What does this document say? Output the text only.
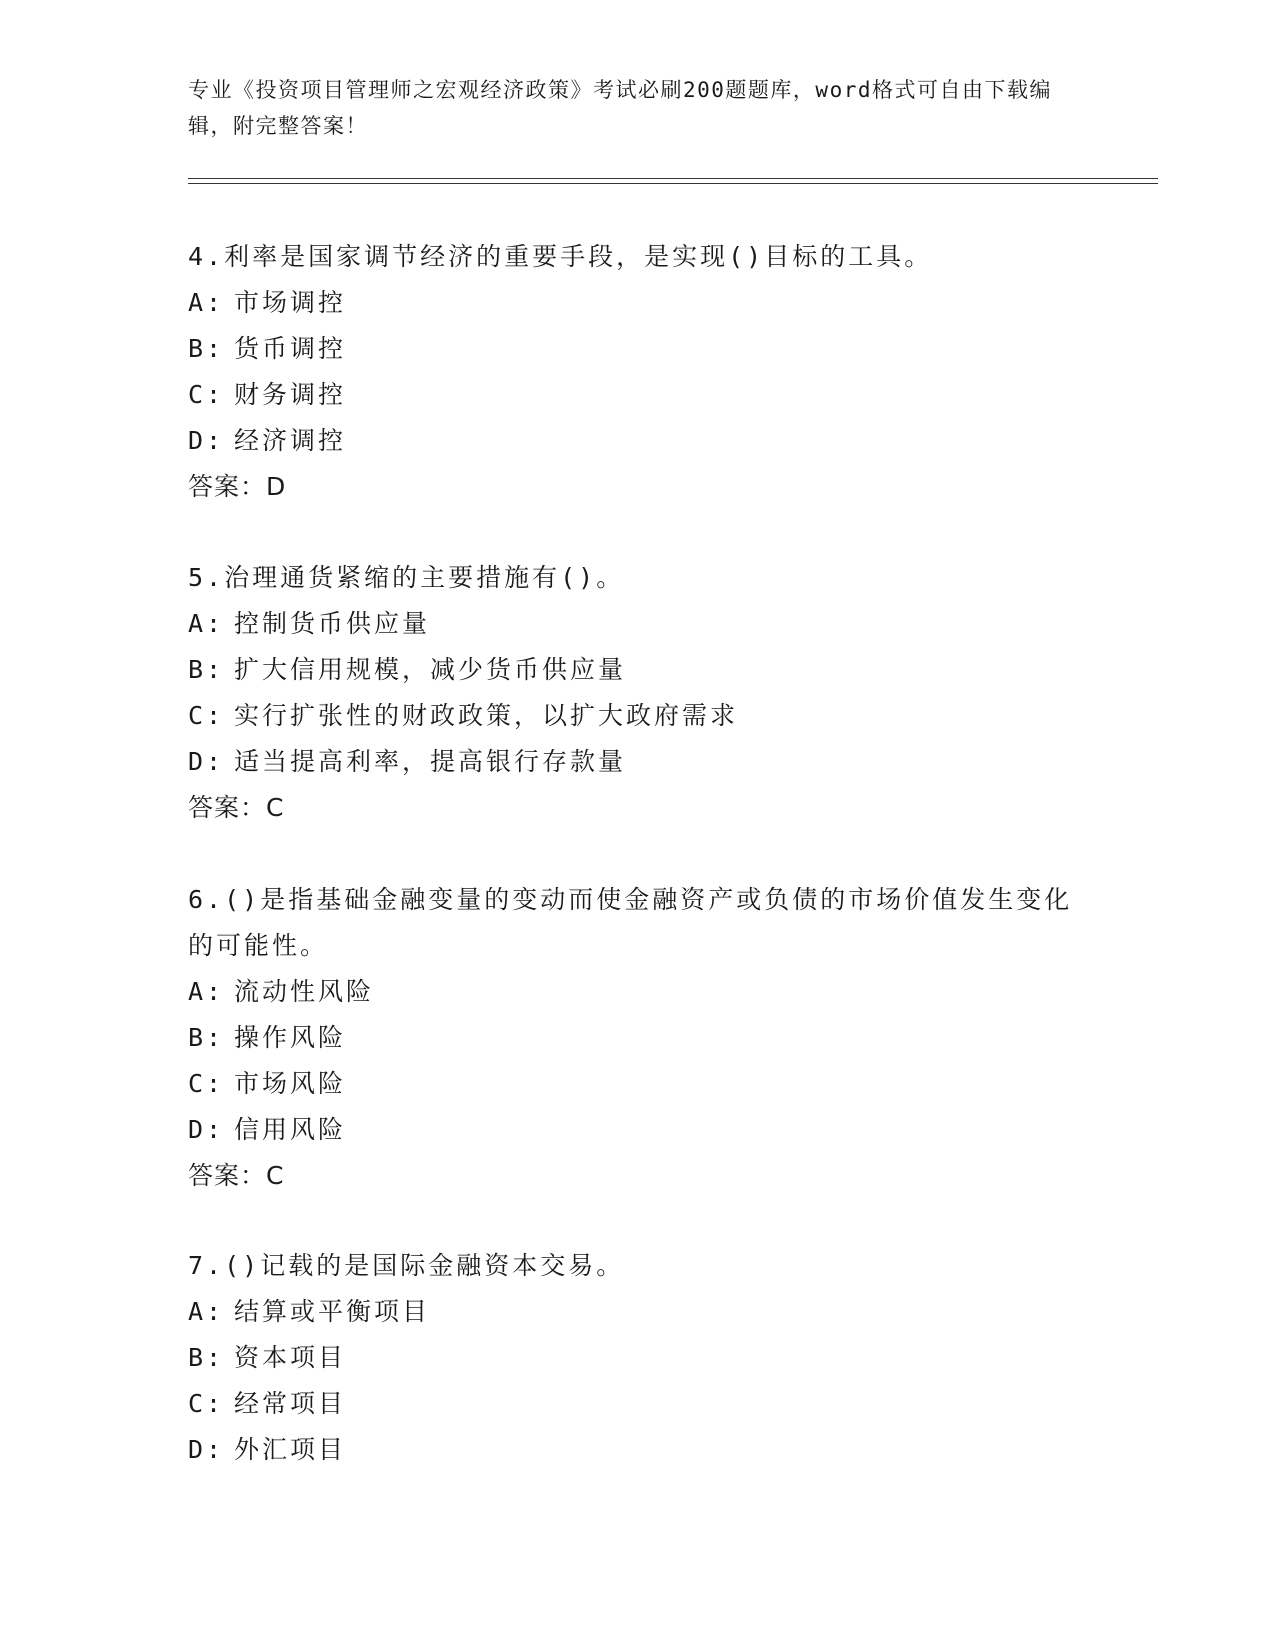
专业《投资项目管理师之宏观经济政策》考试必刷200题题库，word格式可自由下载编辑，附完整答案！

4.利率是国家调节经济的重要手段，是实现()目标的工具。

A: 市场调控

B: 货币调控

C: 财务调控

D: 经济调控

答案：D

5.治理通货紧缩的主要措施有()。

A: 控制货币供应量

B: 扩大信用规模，减少货币供应量

C: 实行扩张性的财政政策，以扩大政府需求

D: 适当提高利率，提高银行存款量

答案：C

6.()是指基础金融变量的变动而使金融资产或负债的市场价值发生变化的可能性。

A: 流动性风险

B: 操作风险

C: 市场风险

D: 信用风险

答案：C

7.()记载的是国际金融资本交易。

A: 结算或平衡项目

B: 资本项目

C: 经常项目

D: 外汇项目
